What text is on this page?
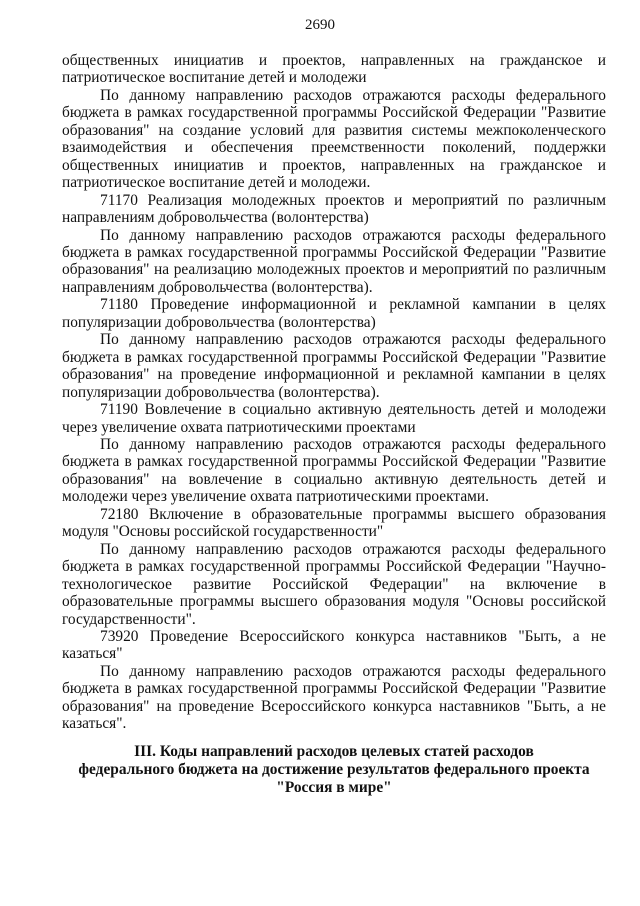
2690

общественных инициатив и проектов, направленных на гражданское и патриотическое воспитание детей и молодежи

По данному направлению расходов отражаются расходы федерального бюджета в рамках государственной программы Российской Федерации "Развитие образования" на создание условий для развития системы межпоколенческого взаимодействия и обеспечения преемственности поколений, поддержки общественных инициатив и проектов, направленных на гражданское и патриотическое воспитание детей и молодежи.

71170 Реализация молодежных проектов и мероприятий по различным направлениям добровольчества (волонтерства)

По данному направлению расходов отражаются расходы федерального бюджета в рамках государственной программы Российской Федерации "Развитие образования" на реализацию молодежных проектов и мероприятий по различным направлениям добровольчества (волонтерства).

71180 Проведение информационной и рекламной кампании в целях популяризации добровольчества (волонтерства)

По данному направлению расходов отражаются расходы федерального бюджета в рамках государственной программы Российской Федерации "Развитие образования" на проведение информационной и рекламной кампании в целях популяризации добровольчества (волонтерства).

71190 Вовлечение в социально активную деятельность детей и молодежи через увеличение охвата патриотическими проектами

По данному направлению расходов отражаются расходы федерального бюджета в рамках государственной программы Российской Федерации "Развитие образования" на вовлечение в социально активную деятельность детей и молодежи через увеличение охвата патриотическими проектами.

72180 Включение в образовательные программы высшего образования модуля "Основы российской государственности"

По данному направлению расходов отражаются расходы федерального бюджета в рамках государственной программы Российской Федерации "Научно-технологическое развитие Российской Федерации" на включение в образовательные программы высшего образования модуля "Основы российской государственности".

73920 Проведение Всероссийского конкурса наставников "Быть, а не казаться"

По данному направлению расходов отражаются расходы федерального бюджета в рамках государственной программы Российской Федерации "Развитие образования" на проведение Всероссийского конкурса наставников "Быть, а не казаться".

III. Коды направлений расходов целевых статей расходов
федерального бюджета на достижение результатов федерального проекта
"Россия в мире"
